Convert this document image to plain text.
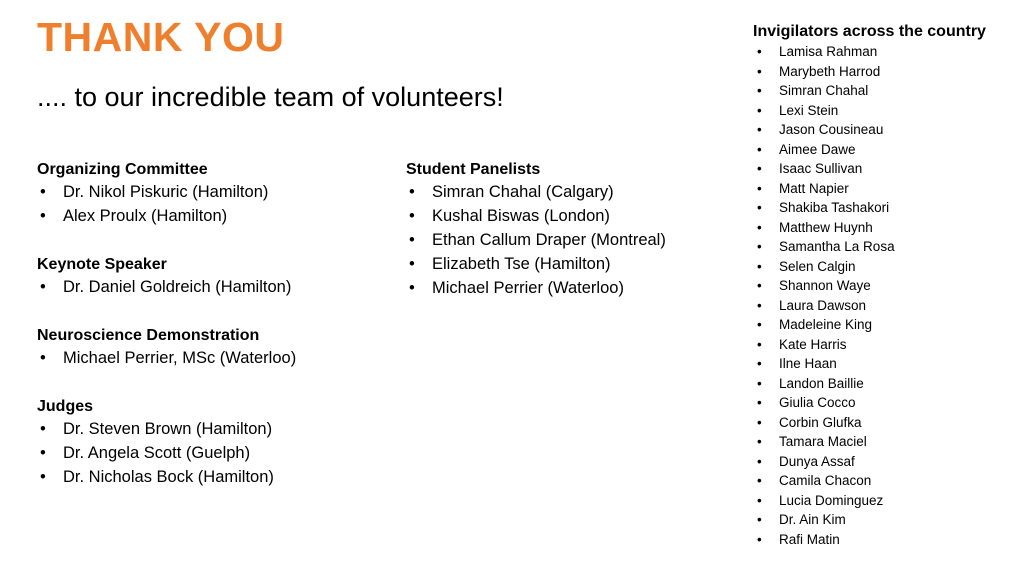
THANK YOU
.... to our incredible team of volunteers!
Organizing Committee
• Dr. Nikol Piskuric (Hamilton)
• Alex Proulx (Hamilton)
Keynote Speaker
• Dr. Daniel Goldreich (Hamilton)
Neuroscience Demonstration
• Michael Perrier, MSc (Waterloo)
Judges
• Dr. Steven Brown (Hamilton)
• Dr. Angela Scott (Guelph)
• Dr. Nicholas Bock (Hamilton)
Student Panelists
• Simran Chahal (Calgary)
• Kushal Biswas (London)
• Ethan Callum Draper (Montreal)
• Elizabeth Tse (Hamilton)
• Michael Perrier (Waterloo)
Invigilators across the country
• Lamisa Rahman
• Marybeth Harrod
• Simran Chahal
• Lexi Stein
• Jason Cousineau
• Aimee Dawe
• Isaac Sullivan
• Matt Napier
• Shakiba Tashakori
• Matthew Huynh
• Samantha La Rosa
• Selen Calgin
• Shannon Waye
• Laura Dawson
• Madeleine King
• Kate Harris
• Ilne Haan
• Landon Baillie
• Giulia Cocco
• Corbin Glufka
• Tamara Maciel
• Dunya Assaf
• Camila Chacon
• Lucia Dominguez
• Dr. Ain Kim
• Rafi Matin
